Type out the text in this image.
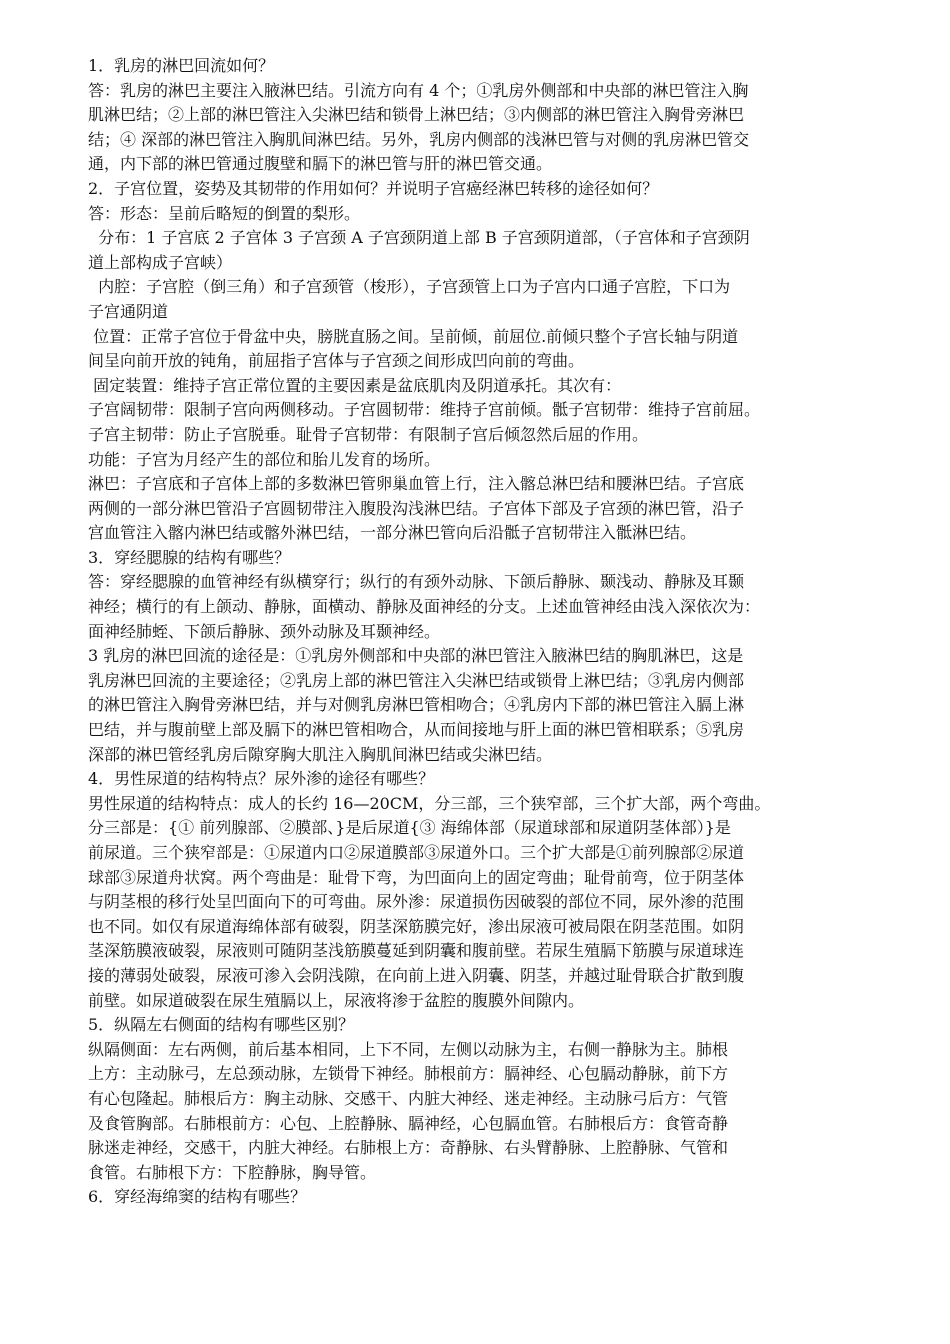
1．乳房的淋巴回流如何？

答：乳房的淋巴主要注入腋淋巴结。引流方向有 4 个；①乳房外侧部和中央部的淋巴管注入胸

肌淋巴结；②上部的淋巴管注入尖淋巴结和锁骨上淋巴结；③内侧部的淋巴管注入胸骨旁淋巴

结；④ 深部的淋巴管注入胸肌间淋巴结。另外，乳房内侧部的浅淋巴管与对侧的乳房淋巴管交

通，内下部的淋巴管通过腹壁和膈下的淋巴管与肝的淋巴管交通。

2．子宫位置，姿势及其韧带的作用如何？并说明子宫癌经淋巴转移的途径如何？

答：形态：呈前后略短的倒置的梨形。

分布：1 子宫底 2 子宫体 3 子宫颈 A 子宫颈阴道上部 B 子宫颈阴道部，（子宫体和子宫颈阴

道上部构成子宫峡）

内腔：子宫腔（倒三角）和子宫颈管（梭形），子宫颈管上口为子宫内口通子宫腔，下口为

子宫通阴道

位置：正常子宫位于骨盆中央，膀胱直肠之间。呈前倾，前屈位.前倾只整个子宫长轴与阴道

间呈向前开放的钝角，前屈指子宫体与子宫颈之间形成凹向前的弯曲。

固定装置：维持子宫正常位置的主要因素是盆底肌肉及阴道承托。其次有：

子宫阔韧带：限制子宫向两侧移动。子宫圆韧带：维持子宫前倾。骶子宫韧带：维持子宫前屈。

子宫主韧带：防止子宫脱垂。耻骨子宫韧带：有限制子宫后倾忽然后屈的作用。

功能：子宫为月经产生的部位和胎儿发育的场所。

淋巴：子宫底和子宫体上部的多数淋巴管卵巢血管上行，注入髂总淋巴结和腰淋巴结。子宫底

两侧的一部分淋巴管沿子宫圆韧带注入腹股沟浅淋巴结。子宫体下部及子宫颈的淋巴管，沿子

宫血管注入髂内淋巴结或髂外淋巴结，一部分淋巴管向后沿骶子宫韧带注入骶淋巴结。

3．穿经腮腺的结构有哪些？

答：穿经腮腺的血管神经有纵横穿行；纵行的有颈外动脉、下颌后静脉、颞浅动、静脉及耳颞

神经；横行的有上颌动、静脉，面横动、静脉及面神经的分支。上述血管神经由浅入深依次为：

面神经肺蛭、下颌后静脉、颈外动脉及耳颞神经。

3 乳房的淋巴回流的途径是：①乳房外侧部和中央部的淋巴管注入腋淋巴结的胸肌淋巴，这是

乳房淋巴回流的主要途径；②乳房上部的淋巴管注入尖淋巴结或锁骨上淋巴结；③乳房内侧部

的淋巴管注入胸骨旁淋巴结，并与对侧乳房淋巴管相吻合；④乳房内下部的淋巴管注入膈上淋

巴结，并与腹前壁上部及膈下的淋巴管相吻合，从而间接地与肝上面的淋巴管相联系；⑤乳房

深部的淋巴管经乳房后隙穿胸大肌注入胸肌间淋巴结或尖淋巴结。

4．男性尿道的结构特点？尿外渗的途径有哪些？

男性尿道的结构特点：成人的长约 16—20CM，分三部，三个狭窄部，三个扩大部，两个弯曲。

分三部是：{① 前列腺部、②膜部、}是后尿道{③ 海绵体部（尿道球部和尿道阴茎体部）}是

前尿道。三个狭窄部是：①尿道内口②尿道膜部③尿道外口。三个扩大部是①前列腺部②尿道

球部③尿道舟状窝。两个弯曲是：耻骨下弯，为凹面向上的固定弯曲；耻骨前弯，位于阴茎体

与阴茎根的移行处呈凹面向下的可弯曲。尿外渗：尿道损伤因破裂的部位不同，尿外渗的范围

也不同。如仅有尿道海绵体部有破裂，阴茎深筋膜完好，渗出尿液可被局限在阴茎范围。如阴

茎深筋膜液破裂，尿液则可随阴茎浅筋膜蔓延到阴囊和腹前壁。若尿生殖膈下筋膜与尿道球连

接的薄弱处破裂，尿液可渗入会阴浅隙，在向前上进入阴囊、阴茎，并越过耻骨联合扩散到腹

前壁。如尿道破裂在尿生殖膈以上，尿液将渗于盆腔的腹膜外间隙内。

5．纵隔左右侧面的结构有哪些区别？

纵隔侧面：左右两侧，前后基本相同，上下不同，左侧以动脉为主，右侧一静脉为主。肺根

上方：主动脉弓，左总颈动脉，左锁骨下神经。肺根前方：膈神经、心包膈动静脉，前下方

有心包隆起。肺根后方：胸主动脉、交感干、内脏大神经、迷走神经。主动脉弓后方：气管

及食管胸部。右肺根前方：心包、上腔静脉、膈神经，心包膈血管。右肺根后方：食管奇静

脉迷走神经，交感干，内脏大神经。右肺根上方：奇静脉、右头臂静脉、上腔静脉、气管和

食管。右肺根下方：下腔静脉，胸导管。

6．穿经海绵窦的结构有哪些？
